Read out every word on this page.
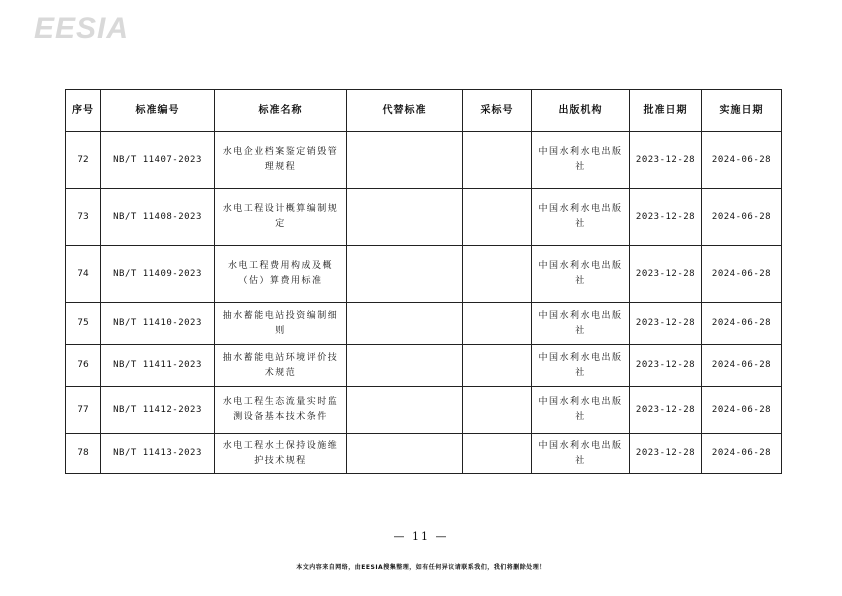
EESIA
序号	标准编号	标准名称	代替标准	采标号	出版机构	批准日期	实施日期
72	NB/T 11407-2023	水电企业档案鉴定销毁管理规程			中国水利水电出版社	2023-12-28	2024-06-28
73	NB/T 11408-2023	水电工程设计概算编制规定			中国水利水电出版社	2023-12-28	2024-06-28
74	NB/T 11409-2023	水电工程费用构成及概（估）算费用标准			中国水利水电出版社	2023-12-28	2024-06-28
75	NB/T 11410-2023	抽水蓄能电站投资编制细则			中国水利水电出版社	2023-12-28	2024-06-28
76	NB/T 11411-2023	抽水蓄能电站环境评价技术规范			中国水利水电出版社	2023-12-28	2024-06-28
77	NB/T 11412-2023	水电工程生态流量实时监测设备基本技术条件			中国水利水电出版社	2023-12-28	2024-06-28
78	NB/T 11413-2023	水电工程水土保持设施维护技术规程			中国水利水电出版社	2023-12-28	2024-06-28
— 11 —
本文内容来自网络，由EESIA搜集整理，如有任何异议请联系我们，我们将删除处理！
